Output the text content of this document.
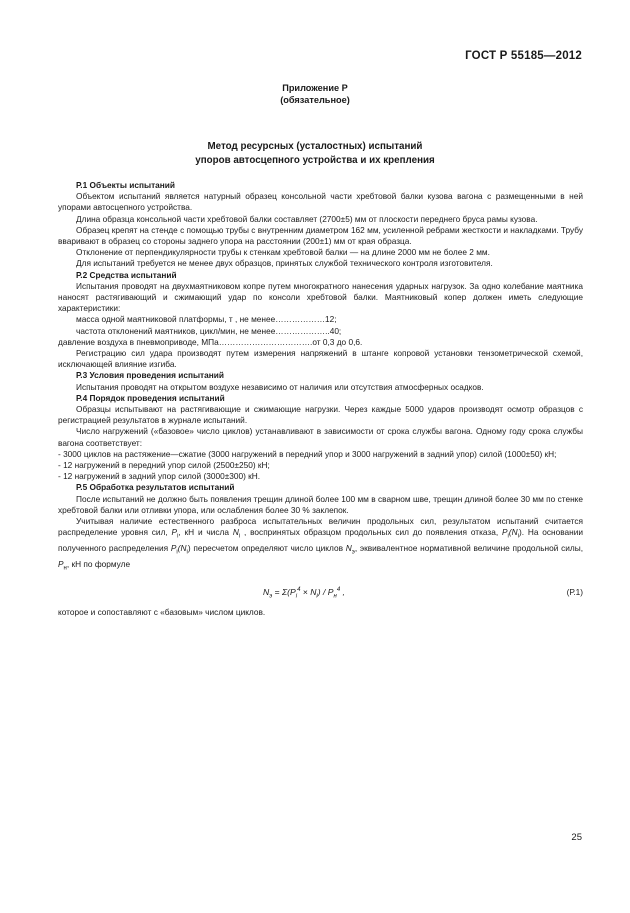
ГОСТ Р 55185—2012
Приложение Р
(обязательное)
Метод ресурсных (усталостных) испытаний
упоров автосцепного устройства и их крепления

Р.1 Объекты испытаний

Объектом испытаний является натурный образец консольной части хребтовой балки кузова вагона с размещенными в ней упорами автосцепного устройства.

Длина образца консольной части хребтовой балки составляет (2700±5) мм от плоскости переднего бруса рамы кузова.

Образец крепят на стенде с помощью трубы с внутренним диаметром 162 мм, усиленной ребрами жесткости и накладками. Трубу вваривают в образец со стороны заднего упора на расстоянии (200±1) мм от края образца.

Отклонение от перпендикулярности трубы к стенкам хребтовой балки — на длине 2000 мм не более 2 мм.

Для испытаний требуется не менее двух образцов, принятых службой технического контроля изготовителя.

Р.2 Средства испытаний

Испытания проводят на двухмаятниковом копре путем многократного нанесения ударных нагрузок. За одно колебание маятника наносят растягивающий и сжимающий удар по консоли хребтовой балки. Маятниковый копер должен иметь следующие характеристики:

масса одной маятниковой платформы, т , не менее………………12;

частота отклонений маятников, цикл/мин, не менее………………..40;

давление воздуха в пневмоприводе, МПа…………………………….от 0,3 до 0,6.

Регистрацию сил удара производят путем измерения напряжений в штанге копровой установки тензометрической схемой, исключающей влияние изгиба.

Р.3 Условия проведения испытаний

Испытания проводят на открытом воздухе независимо от наличия или отсутствия атмосферных осадков.

Р.4 Порядок проведения испытаний

Образцы испытывают на растягивающие и сжимающие нагрузки. Через каждые 5000 ударов производят осмотр образцов с регистрацией результатов в журнале испытаний.

Число нагружений («базовое» число циклов) устанавливают в зависимости от срока службы вагона. Одному году срока службы вагона соответствует:

- 3000 циклов на растяжение—сжатие (3000 нагружений в передний упор и 3000 нагружений в задний упор) силой (1000±50) кН;

- 12 нагружений в передний упор силой (2500±250) кН;

- 12 нагружений в задний упор силой (3000±300) кН.

Р.5 Обработка результатов испытаний

После испытаний не должно быть появления трещин длиной более 100 мм в сварном шве, трещин длиной более 30 мм по стенке хребтовой балки или отливки упора, или ослабления более 30 % заклепок.

Учитывая наличие естественного разброса испытательных величин продольных сил, результатом испытаний считается распределение уровня сил, $P_i$, кН и числа $N_i$ , воспринятых образцом продольных сил до появления отказа, $P_i(N_i)$. На основании полученного распределения $P_i(N_i)$ пересчетом определяют число циклов $N_э$, эквивалентное нормативной величине продольной силы, $P_н$, кН по формуле

$N_э = \Sigma(P_i^4 \times N_i) / P_н^4$ ,	(Р.1)

которое и сопоставляют с «базовым» числом циклов.

25
